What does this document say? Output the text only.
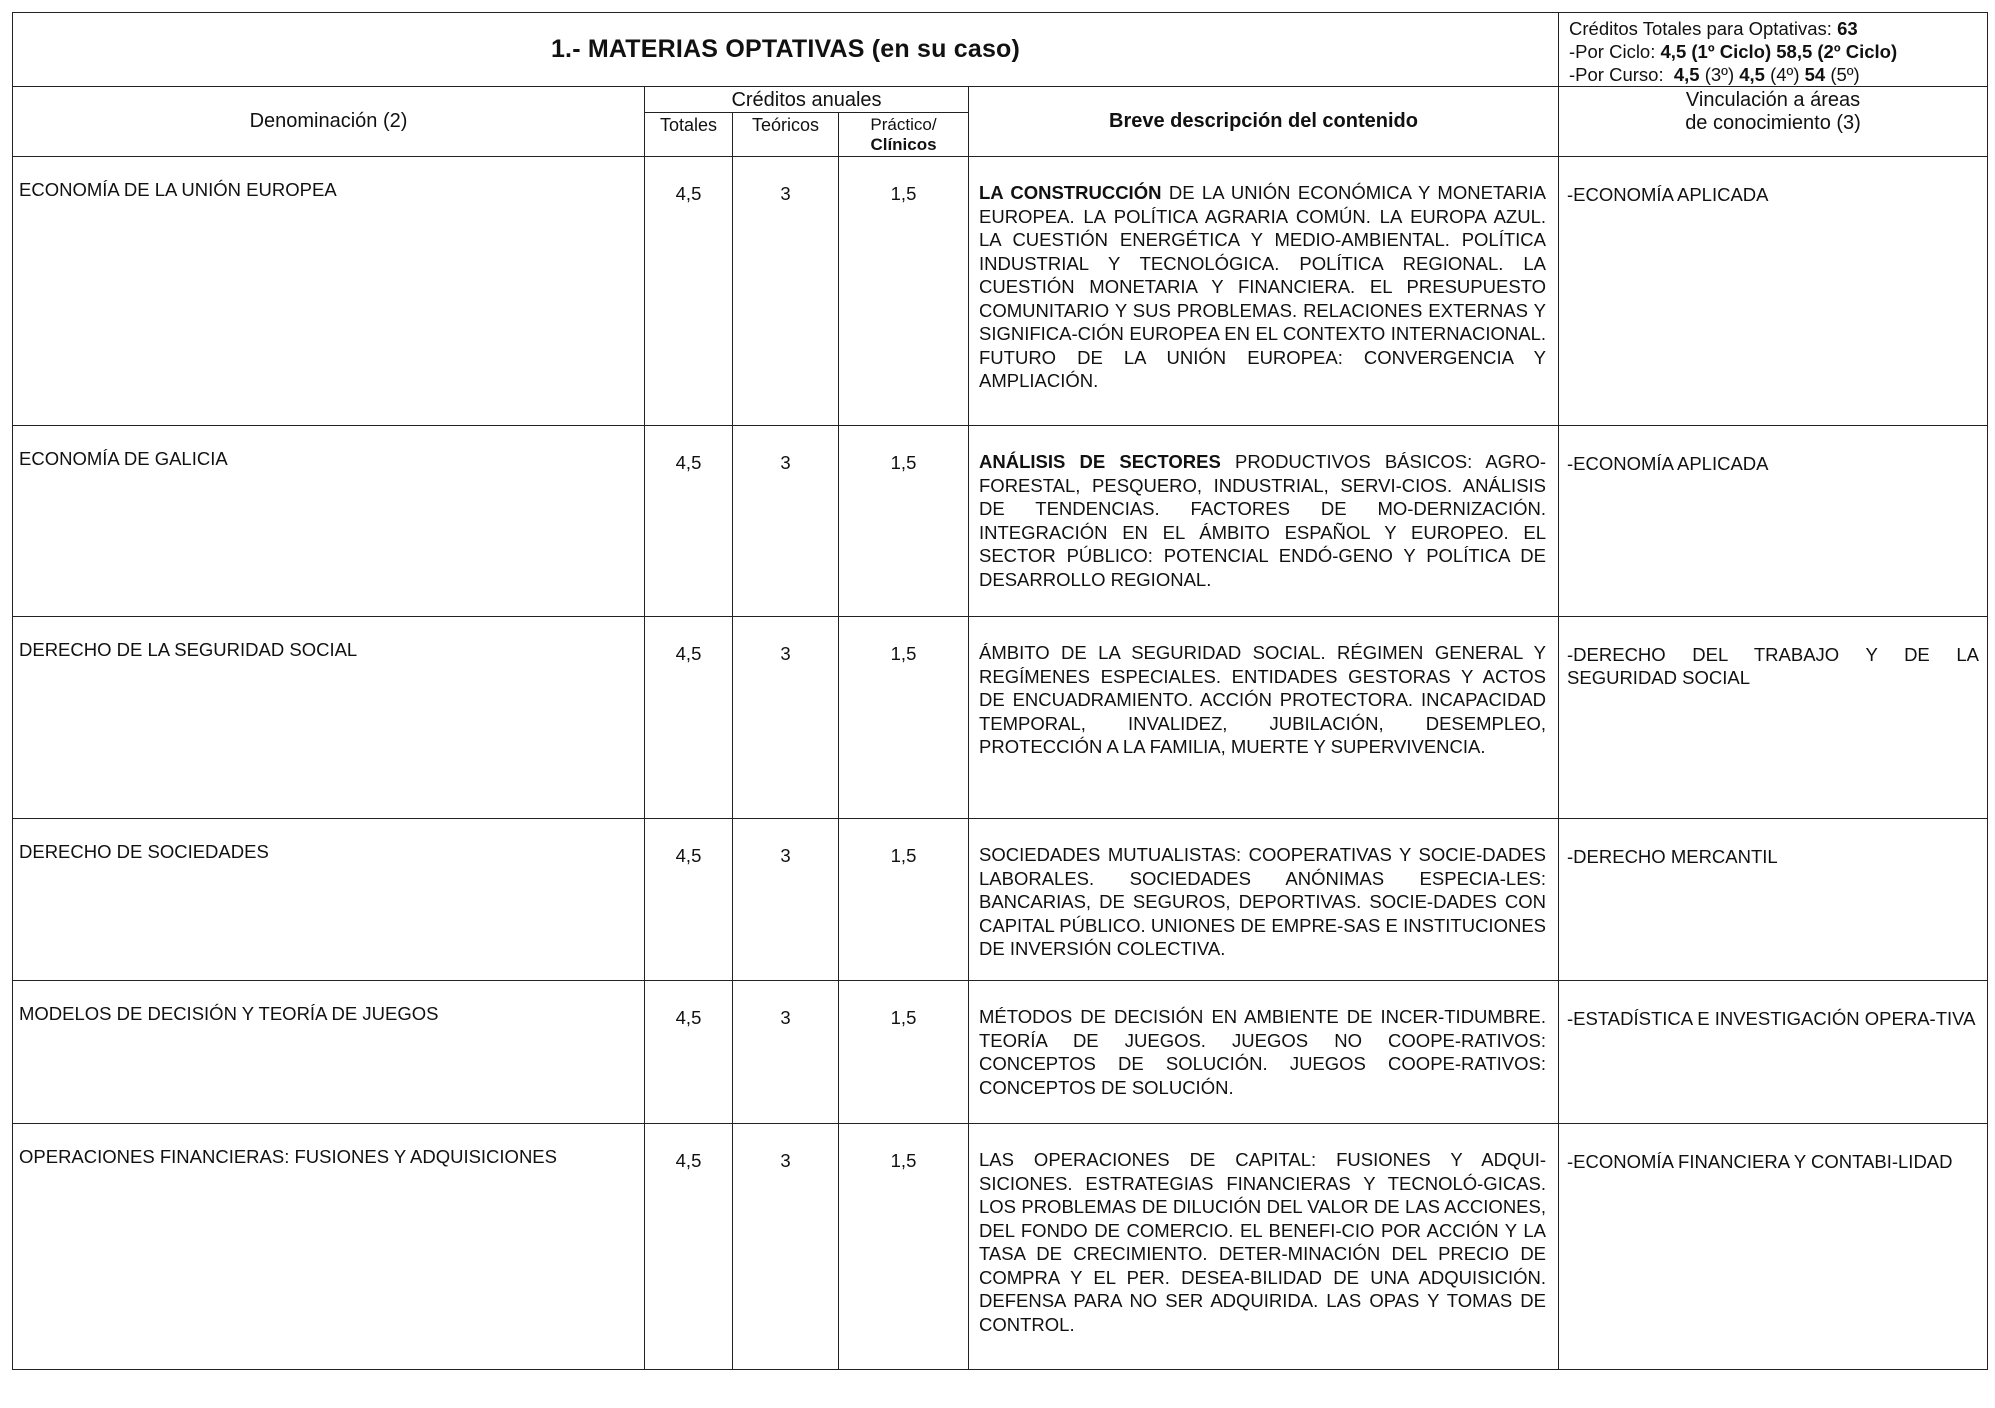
1.- MATERIAS OPTATIVAS (en su caso)					Créditos Totales para Optativas: 63
-Por Ciclo: 4,5 (1º Ciclo) 58,5 (2º Ciclo)
-Por Curso: 4,5 (3º) 4,5 (4º) 54 (5º)

Denominación (2)	Créditos anuales			Breve descripción del contenido	Vinculación a áreas
de conocimiento (3)

	Totales	Teóricos	Práctico/
Clínicos		

ECONOMÍA DE LA UNIÓN EUROPEA	4,5	3	1,5	LA CONSTRUCCIÓN DE LA UNIÓN ECONÓMICA Y MONETARIA EUROPEA. LA POLÍTICA AGRARIA COMÚN. LA EUROPA AZUL. LA CUESTIÓN ENERGÉTICA Y MEDIO-AMBIENTAL. POLÍTICA INDUSTRIAL Y TECNOLÓGICA. POLÍTICA REGIONAL. LA CUESTIÓN MONETARIA Y FINANCIERA. EL PRESUPUESTO COMUNITARIO Y SUS PROBLEMAS. RELACIONES EXTERNAS Y SIGNIFICA-CIÓN EUROPEA EN EL CONTEXTO INTERNACIONAL. FUTURO DE LA UNIÓN EUROPEA: CONVERGENCIA Y AMPLIACIÓN.	-ECONOMÍA APLICADA
ECONOMÍA DE GALICIA	4,5	3	1,5	ANÁLISIS DE SECTORES PRODUCTIVOS BÁSICOS: AGRO-FORESTAL, PESQUERO, INDUSTRIAL, SERVI-CIOS. ANÁLISIS DE TENDENCIAS. FACTORES DE MO-DERNIZACIÓN. INTEGRACIÓN EN EL ÁMBITO ESPAÑOL Y EUROPEO. EL SECTOR PÚBLICO: POTENCIAL ENDÓ-GENO Y POLÍTICA DE DESARROLLO REGIONAL.	-ECONOMÍA APLICADA
DERECHO DE LA SEGURIDAD SOCIAL	4,5	3	1,5	ÁMBITO DE LA SEGURIDAD SOCIAL. RÉGIMEN GENERAL Y REGÍMENES ESPECIALES. ENTIDADES GESTORAS Y ACTOS DE ENCUADRAMIENTO. ACCIÓN PROTECTORA. INCAPACIDAD TEMPORAL, INVALIDEZ, JUBILACIÓN, DESEMPLEO, PROTECCIÓN A LA FAMILIA, MUERTE Y SUPERVIVENCIA.	-DERECHO DEL TRABAJO Y DE LA SEGURIDAD SOCIAL
DERECHO DE SOCIEDADES	4,5	3	1,5	SOCIEDADES MUTUALISTAS: COOPERATIVAS Y SOCIE-DADES LABORALES. SOCIEDADES ANÓNIMAS ESPECIA-LES: BANCARIAS, DE SEGUROS, DEPORTIVAS. SOCIE-DADES CON CAPITAL PÚBLICO. UNIONES DE EMPRE-SAS E INSTITUCIONES DE INVERSIÓN COLECTIVA.	-DERECHO MERCANTIL
MODELOS DE DECISIÓN Y TEORÍA DE JUEGOS	4,5	3	1,5	MÉTODOS DE DECISIÓN EN AMBIENTE DE INCER-TIDUMBRE. TEORÍA DE JUEGOS. JUEGOS NO COOPE-RATIVOS: CONCEPTOS DE SOLUCIÓN. JUEGOS COOPE-RATIVOS: CONCEPTOS DE SOLUCIÓN.	-ESTADÍSTICA E INVESTIGACIÓN OPERA-TIVA
OPERACIONES FINANCIERAS: FUSIONES Y ADQUISICIONES	4,5	3	1,5	LAS OPERACIONES DE CAPITAL: FUSIONES Y ADQUI-SICIONES. ESTRATEGIAS FINANCIERAS Y TECNOLÓ-GICAS. LOS PROBLEMAS DE DILUCIÓN DEL VALOR DE LAS ACCIONES, DEL FONDO DE COMERCIO. EL BENEFI-CIO POR ACCIÓN Y LA TASA DE CRECIMIENTO. DETER-MINACIÓN DEL PRECIO DE COMPRA Y EL PER. DESEA-BILIDAD DE UNA ADQUISICIÓN. DEFENSA PARA NO SER ADQUIRIDA. LAS OPAS Y TOMAS DE CONTROL.	-ECONOMÍA FINANCIERA Y CONTABI-LIDAD
